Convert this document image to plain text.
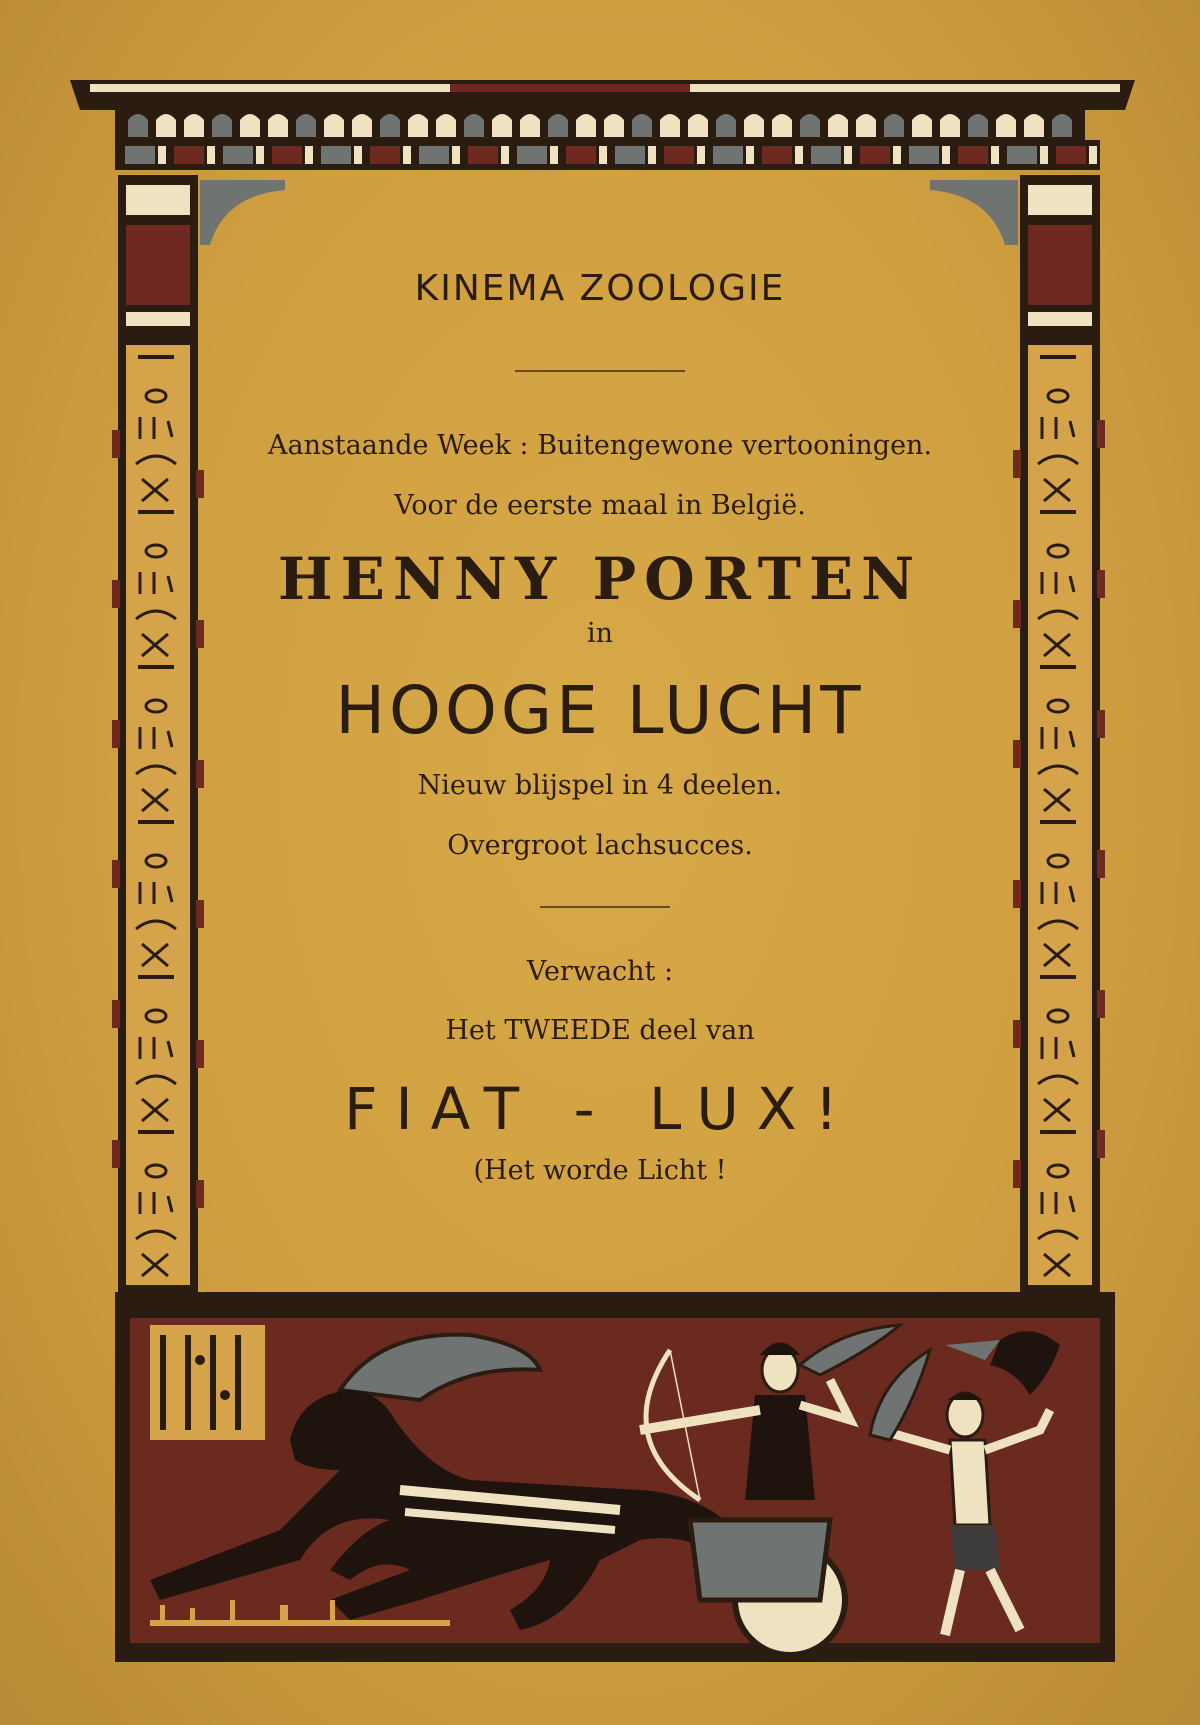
KINEMA ZOOLOGIE
Aanstaande Week : Buitengewone vertooningen.
Voor de eerste maal in België.
HENNY PORTEN
in
HOOGE LUCHT
Nieuw blijspel in 4 deelen.
Overgroot lachsucces.
Verwacht :
Het TWEEDE deel van
FIAT - LUX!
(Het worde Licht !
